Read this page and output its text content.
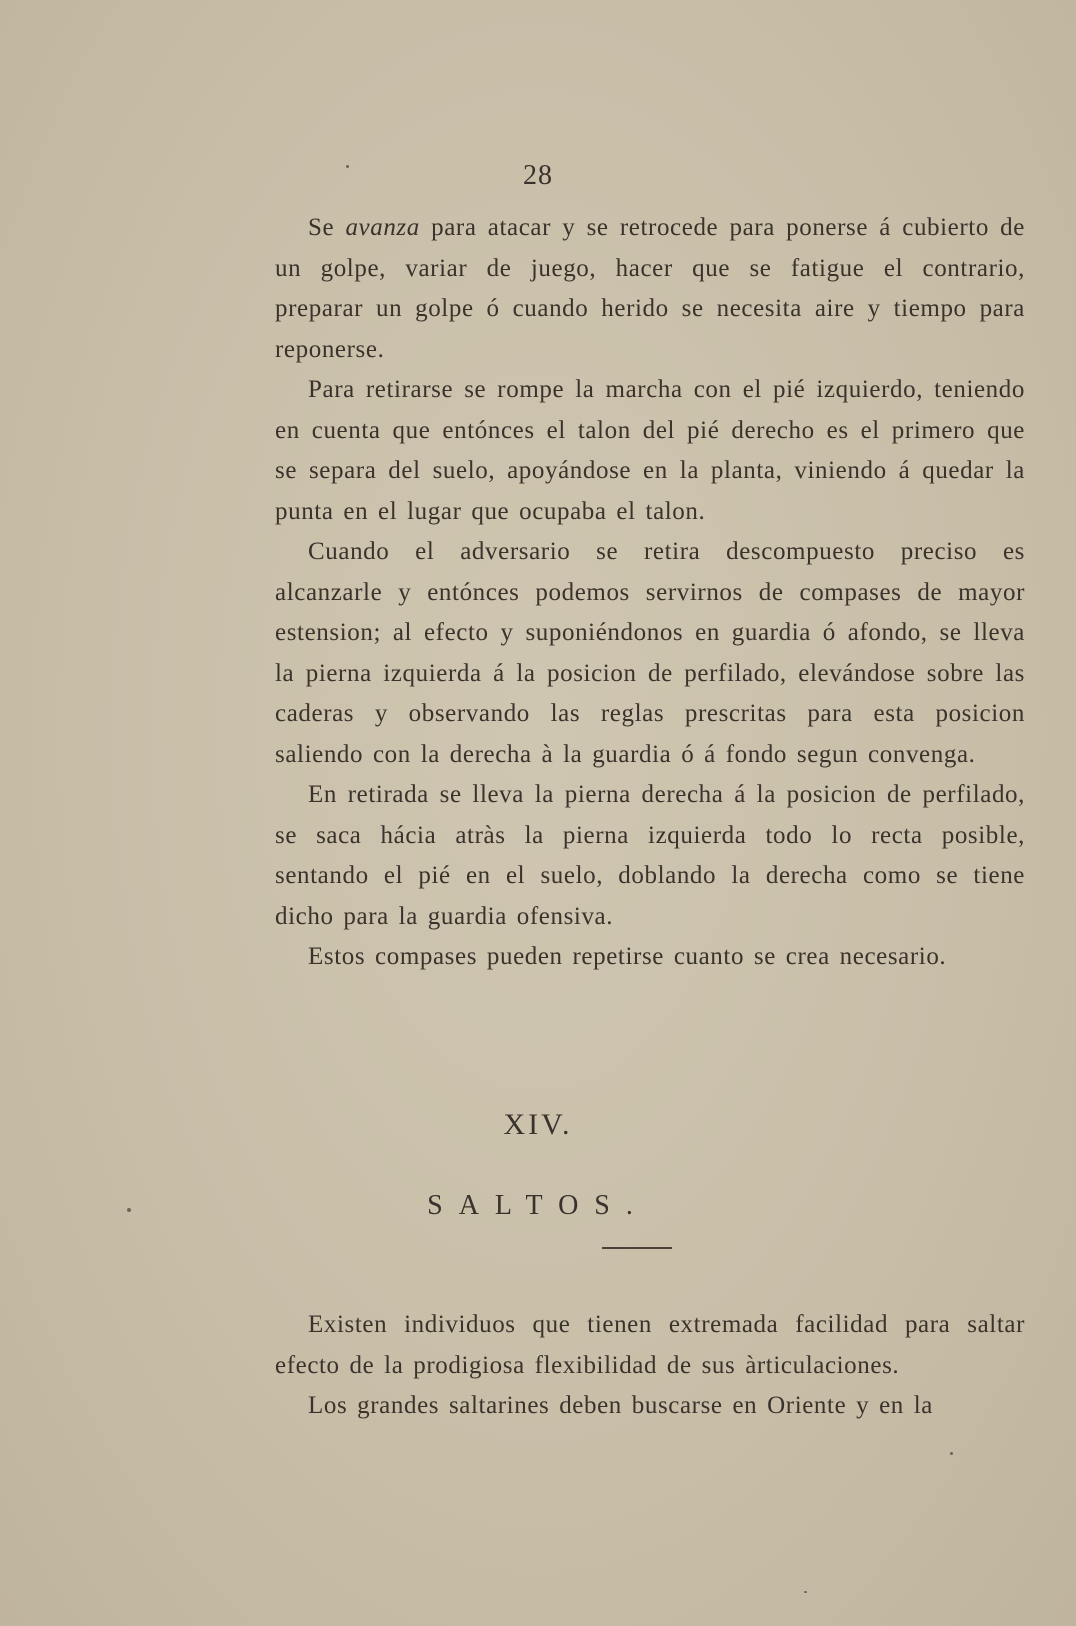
28

Se avanza para atacar y se retrocede para ponerse á cubierto de un golpe, variar de juego, hacer que se fatigue el contrario, preparar un golpe ó cuando herido se necesita aire y tiempo para reponerse.

Para retirarse se rompe la marcha con el pié izquierdo, teniendo en cuenta que entónces el talon del pié derecho es el primero que se separa del suelo, apoyándose en la planta, viniendo á quedar la punta en el lugar que ocupaba el talon.

Cuando el adversario se retira descompuesto preciso es alcanzarle y entónces podemos servirnos de compases de mayor estension; al efecto y suponiéndonos en guardia ó afondo, se lleva la pierna izquierda á la posicion de perfilado, elevándose sobre las caderas y observando las reglas prescritas para esta posicion saliendo con la derecha à la guardia ó á fondo segun convenga.

En retirada se lleva la pierna derecha á la posicion de perfilado, se saca hácia atràs la pierna izquierda todo lo recta posible, sentando el pié en el suelo, doblando la derecha como se tiene dicho para la guardia ofensiva.

Estos compases pueden repetirse cuanto se crea necesario.

XIV.
SALTOS.

Existen individuos que tienen extremada facilidad para saltar efecto de la prodigiosa flexibilidad de sus àrticulaciones.

Los grandes saltarines deben buscarse en Oriente y en la
